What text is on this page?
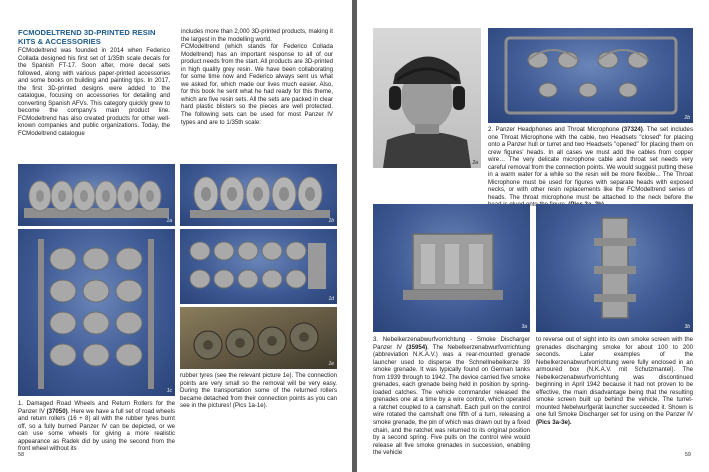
FCMODELTREND 3D-PRINTED RESIN KITS & ACCESSORIES

FCModeltrend was founded in 2014 when Federico Collada designed his first set of 1/35th scale decals for the Spanish FT-17. Soon after, more decal sets followed, along with various paper-printed accessories and some books on building and painting tips. In 2017, the first 3D-printed designs were added to the catalogue, focusing on accessories for detailing and converting Spanish AFVs. This category quickly grew to become the company's main product line. FCModeltrend has also created products for other well-known companies and public organizations. Today, the FCModeltrend catalogue

includes more than 2,000 3D-printed products, making it the largest in the modelling world.
FCModeltrend (which stands for Federico Collada Modeltrend) has an important response to all of our product needs from the start. All products are 3D-printed in high quality grey resin. We have been collaborating for some time now and Federico always sent us what we asked for, which made our lives much easier. Also, for this book he sent what he had ready for this theme, which are five resin sets. All the sets are packed in clear hard plastic blisters so the pieces are well protected. The following sets can be used for most Panzer IV types and are to 1/35th scale:

1a	1b
1c
1d
1e

1. Damaged Road Wheels and Return Rollers for the Panzer IV (37050). Here we have a full set of road wheels and return rollers (16 + 8) all with the rubber tyres burnt off, so a fully burned Panzer IV can be depicted, or we can use some wheels for giving a more realistic appearance as Radek did by using the second from the front wheel without its

rubber tyres (see the relevant picture 1e). The connection points are very small so the removal will be very easy. During the transportation some of the returned rollers became detached from their connection points as you can see in the pictures! (Pics 1a-1e).

58
2a
2b

2. Panzer Headphones and Throat Microphone (37324). The set includes one Throat Microphone with the cable, two Headsets "closed" for placing onto a Panzer hull or turret and two Headsets "opened" for placing them on crew figures' heads. In all cases we must add the cables from copper wire… The very delicate microphone cable and throat set needs very careful removal from the connection points. We would suggest putting these in a warm water for a while so the resin will be more flexible... The Throat Microphone must be used for figures with separate heads with exposed necks, or with other resin replacements like the FCModeltrend series of heads. The throat microphone must be attached to the neck before the onto

3a	3b

3. Nebelkerzenabwurfvorrichtung - Smoke Discharger Panzer IV (35954). The Nebelkerzenabwurfvorrichtung (abbreviation N.K.A.V.) was a rear-mounted grenade launcher used to disperse the Schnellnebelkerze 39 smoke grenade. It was typically found on German tanks from 1939 through to 1942. The device carried five smoke grenades, each grenade being held in position by spring-loaded catches. The vehicle commander released the grenades one at a time by a wire control, which operated a ratchet coupled to a camshaft. Each pull on the control wire rotated the camshaft one fifth of a turn, releasing a smoke grenade, the pin of which was drawn out by a fixed chain, and the ratchet was returned to its original position by a second spring. Five pulls on the control wire would release all five smoke grenades in succession, enabling the vehicle

to reverse out of sight into its own smoke screen with the grenades discharging smoke for about 100 to 200 seconds. Later examples of the Nebelkerzenabwurfvorrichtung were fully enclosed in an armoured box (N.K.A.V. mit Schutzmantel). The Nebelkerzenabwurfvorrichtung was discontinued beginning in April 1942 because it had not proven to be effective, the main disadvantage being that the resulting smoke screen built up behind the vehicle. The turret-mounted Nebelwurfgerät launcher succeeded it. Shown is one full Smoke Discharger set for using on the Panzer IV (Pics 3a-3e).

59
